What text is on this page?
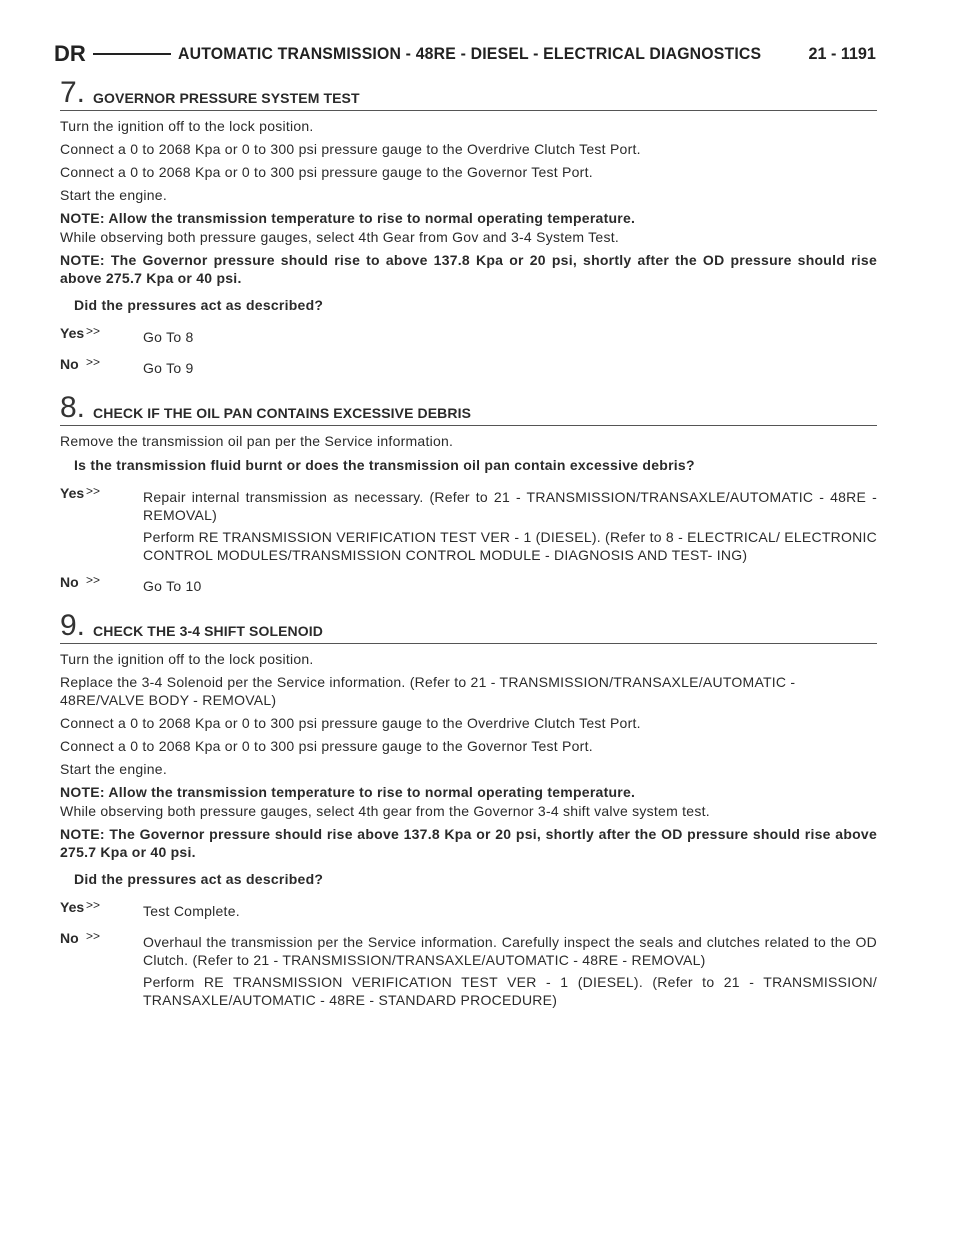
DR	AUTOMATIC TRANSMISSION - 48RE - DIESEL - ELECTRICAL DIAGNOSTICS	21 - 1191
7. GOVERNOR PRESSURE SYSTEM TEST
Turn the ignition off to the lock position.
Connect a 0 to 2068 Kpa or 0 to 300 psi pressure gauge to the Overdrive Clutch Test Port.
Connect a 0 to 2068 Kpa or 0 to 300 psi pressure gauge to the Governor Test Port.
Start the engine.
NOTE: Allow the transmission temperature to rise to normal operating temperature.
While observing both pressure gauges, select 4th Gear from Gov and 3-4 System Test.
NOTE: The Governor pressure should rise to above 137.8 Kpa or 20 psi, shortly after the OD pressure should rise above 275.7 Kpa or 40 psi.
Did the pressures act as described?
Yes >>	Go To 8
No >>	Go To 9
8. CHECK IF THE OIL PAN CONTAINS EXCESSIVE DEBRIS
Remove the transmission oil pan per the Service information.
Is the transmission fluid burnt or does the transmission oil pan contain excessive debris?
Yes >>	Repair internal transmission as necessary. (Refer to 21 - TRANSMISSION/TRANSAXLE/AUTOMATIC - 48RE - REMOVAL)
Perform RE TRANSMISSION VERIFICATION TEST VER - 1 (DIESEL). (Refer to 8 - ELECTRICAL/ ELECTRONIC CONTROL MODULES/TRANSMISSION CONTROL MODULE - DIAGNOSIS AND TEST- ING)
No >>	Go To 10
9. CHECK THE 3-4 SHIFT SOLENOID
Turn the ignition off to the lock position.
Replace the 3-4 Solenoid per the Service information. (Refer to 21 - TRANSMISSION/TRANSAXLE/AUTOMATIC - 48RE/VALVE BODY - REMOVAL)
Connect a 0 to 2068 Kpa or 0 to 300 psi pressure gauge to the Overdrive Clutch Test Port.
Connect a 0 to 2068 Kpa or 0 to 300 psi pressure gauge to the Governor Test Port.
Start the engine.
NOTE: Allow the transmission temperature to rise to normal operating temperature.
While observing both pressure gauges, select 4th gear from the Governor 3-4 shift valve system test.
NOTE: The Governor pressure should rise above 137.8 Kpa or 20 psi, shortly after the OD pressure should rise above 275.7 Kpa or 40 psi.
Did the pressures act as described?
Yes >>	Test Complete.
No >>	Overhaul the transmission per the Service information. Carefully inspect the seals and clutches related to the OD Clutch. (Refer to 21 - TRANSMISSION/TRANSAXLE/AUTOMATIC - 48RE - REMOVAL)
Perform RE TRANSMISSION VERIFICATION TEST VER - 1 (DIESEL). (Refer to 21 - TRANSMISSION/ TRANSAXLE/AUTOMATIC - 48RE - STANDARD PROCEDURE)
